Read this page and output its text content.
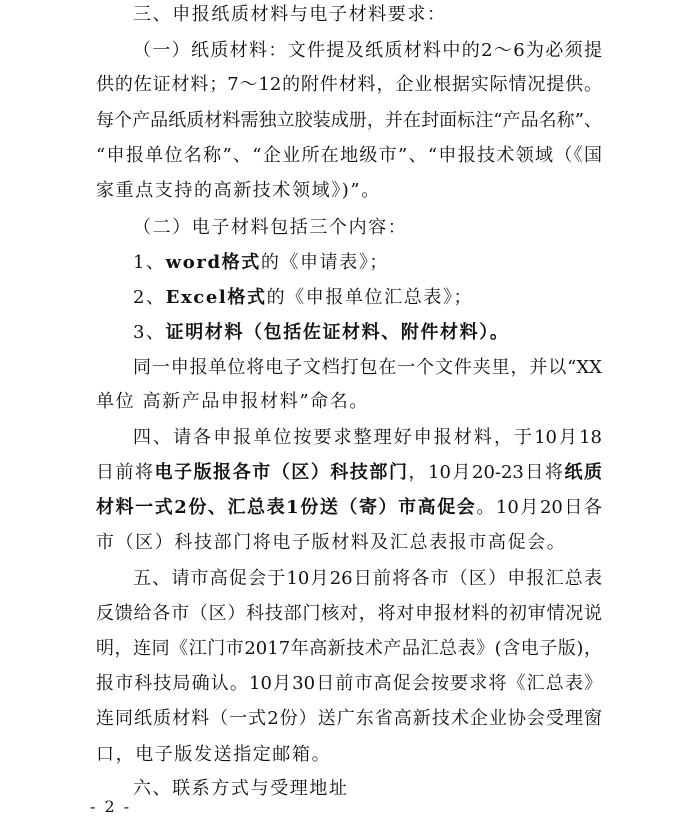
三、申报纸质材料与电子材料要求：
（一）纸质材料：文件提及纸质材料中的2～6为必须提
供的佐证材料；7～12的附件材料，企业根据实际情况提供。
每个产品纸质材料需独立胶装成册，并在封面标注“产品名称”、
“申报单位名称”、“企业所在地级市”、“申报技术领域（《国
家重点支持的高新技术领域》)”。
（二）电子材料包括三个内容：
1、word格式的《申请表》；
2、Excel格式的《申报单位汇总表》；
3、证明材料（包括佐证材料、附件材料）。
同一申报单位将电子文档打包在一个文件夹里，并以“XX
单位 高新产品申报材料”命名。
四、请各申报单位按要求整理好申报材料，于10月18
日前将电子版报各市（区）科技部门，10月20-23日将纸质
材料一式2份、汇总表1份送（寄）市高促会。10月20日各
市（区）科技部门将电子版材料及汇总表报市高促会。
五、请市高促会于10月26日前将各市（区）申报汇总表
反馈给各市（区）科技部门核对，将对申报材料的初审情况说
明，连同《江门市2017年高新技术产品汇总表》(含电子版)，
报市科技局确认。10月30日前市高促会按要求将《汇总表》
连同纸质材料（一式2份）送广东省高新技术企业协会受理窗
口，电子版发送指定邮箱。
六、联系方式与受理地址
- 2 -
